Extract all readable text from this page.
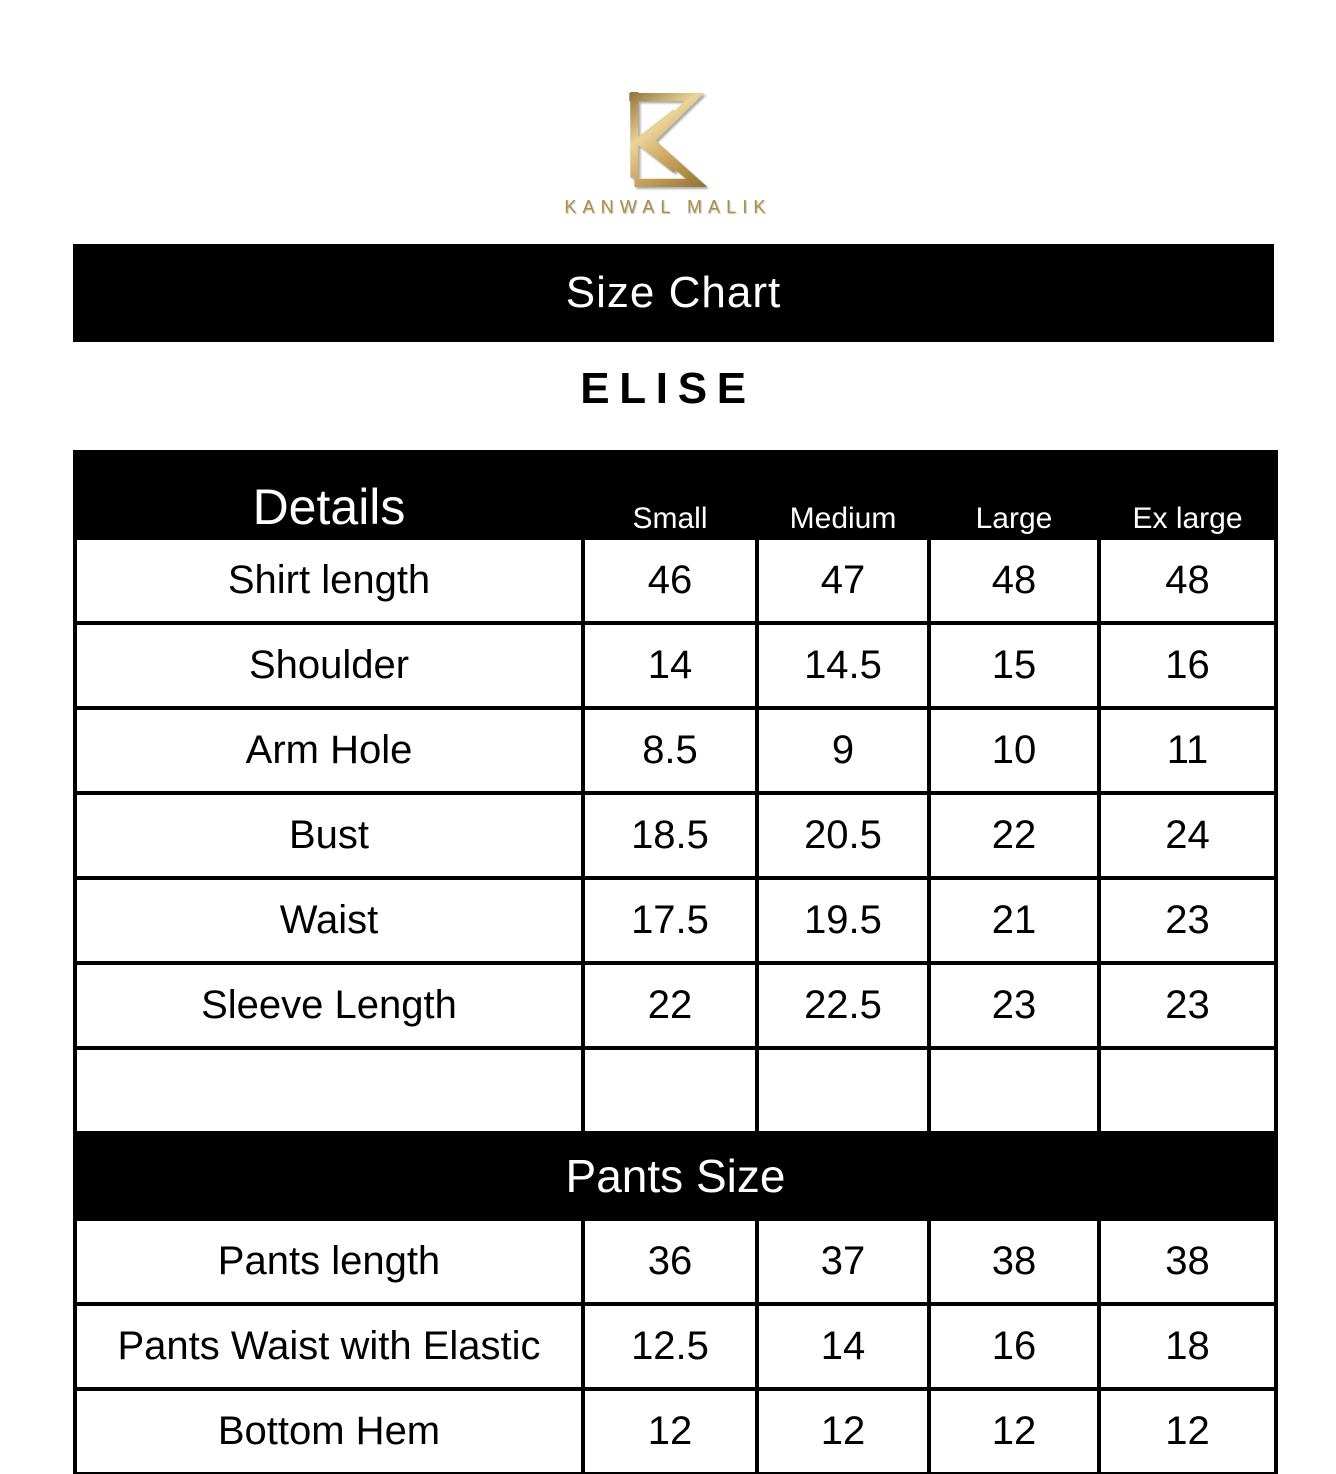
KANWAL MALIK
Size Chart
ELISE
Details	Small	Medium	Large	Ex large
Shirt length	46	47	48	48
Shoulder	14	14.5	15	16
Arm Hole	8.5	9	10	11
Bust	18.5	20.5	22	24
Waist	17.5	19.5	21	23
Sleeve Length	22	22.5	23	23

Pants Size				
Pants length	36	37	38	38
Pants Waist with Elastic	12.5	14	16	18
Bottom Hem	12	12	12	12
